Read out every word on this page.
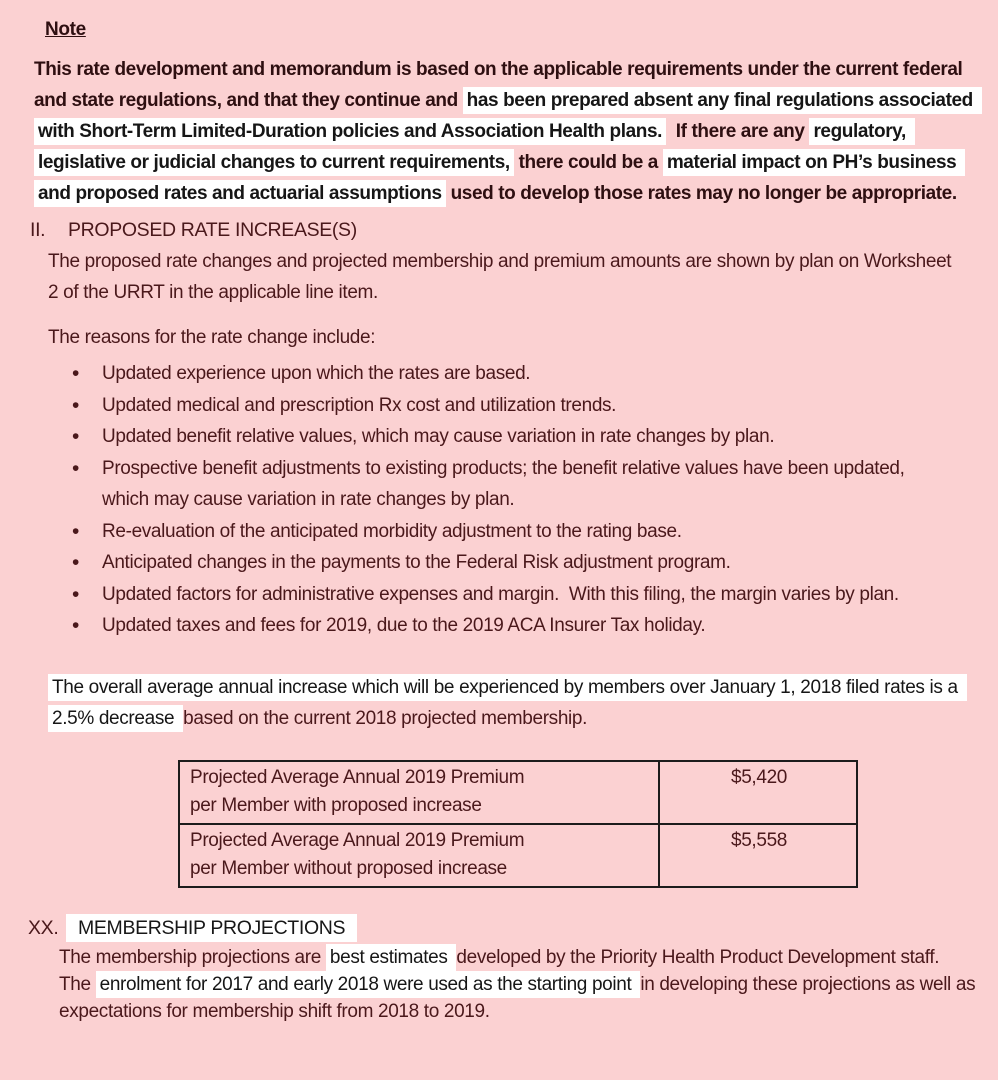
Note

This rate development and memorandum is based on the applicable requirements under the current federal and state regulations, and that they continue and has been prepared absent any final regulations associated with Short-Term Limited-Duration policies and Association Health plans.  If there are any regulatory, legislative or judicial changes to current requirements, there could be a material impact on PH’s business and proposed rates and actuarial assumptions used to develop those rates may no longer be appropriate.

II. PROPOSED RATE INCREASE(S)

The proposed rate changes and projected membership and premium amounts are shown by plan on Worksheet 2 of the URRT in the applicable line item.

The reasons for the rate change include:

• Updated experience upon which the rates are based.
• Updated medical and prescription Rx cost and utilization trends.
• Updated benefit relative values, which may cause variation in rate changes by plan.
• Prospective benefit adjustments to existing products; the benefit relative values have been updated, which may cause variation in rate changes by plan.
• Re-evaluation of the anticipated morbidity adjustment to the rating base.
• Anticipated changes in the payments to the Federal Risk adjustment program.
• Updated factors for administrative expenses and margin.  With this filing, the margin varies by plan.
• Updated taxes and fees for 2019, due to the 2019 ACA Insurer Tax holiday.

The overall average annual increase which will be experienced by members over January 1, 2018 filed rates is a 2.5% decrease based on the current 2018 projected membership.

Projected Average Annual 2019 Premium
per Member with proposed increase	$5,420

Projected Average Annual 2019 Premium
per Member without proposed increase	$5,558
XX. MEMBERSHIP PROJECTIONS

The membership projections are best estimates developed by the Priority Health Product Development staff.  The enrolment for 2017 and early 2018 were used as the starting point in developing these projections as well as expectations for membership shift from 2018 to 2019.
